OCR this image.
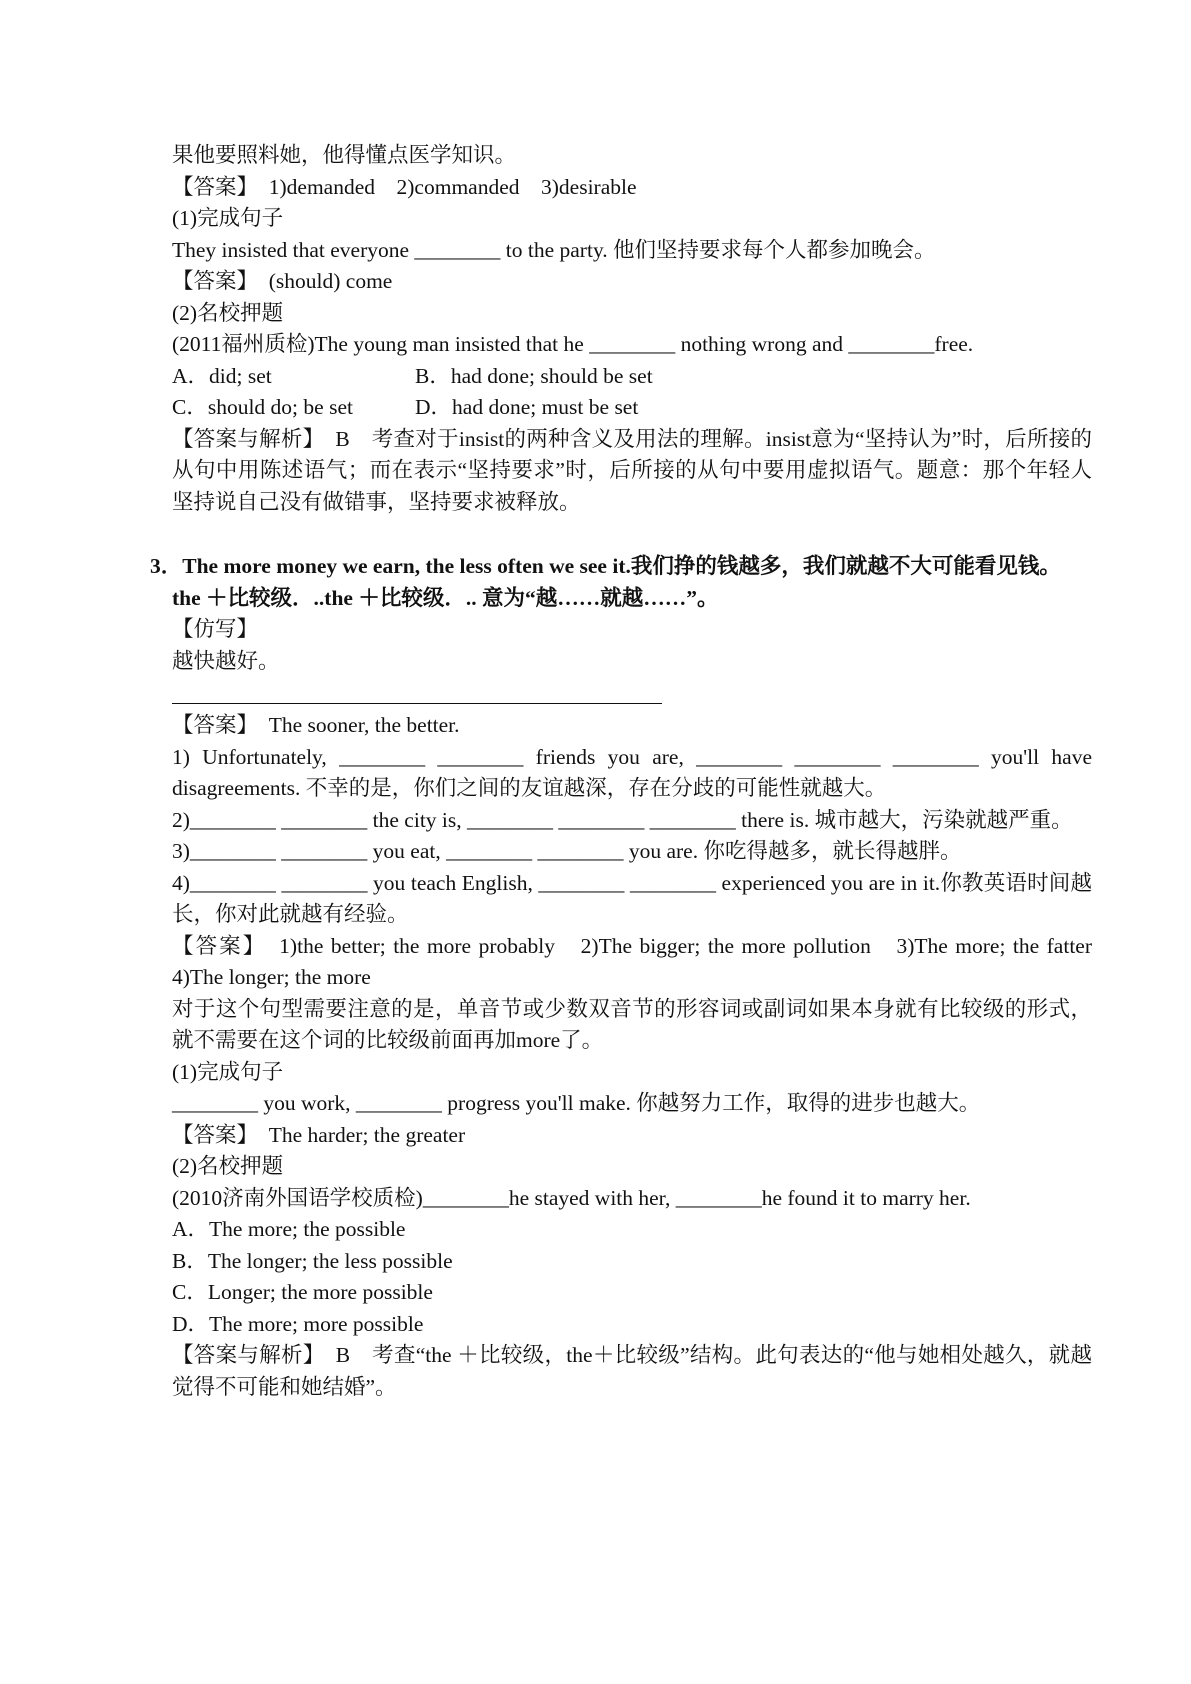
果他要照料她，他得懂点医学知识。

【答案】　1)demanded　2)commanded　3)desirable

(1)完成句子

They insisted that everyone ________ to the party. 他们坚持要求每个人都参加晚会。

【答案】　(should) come

(2)名校押题

(2011福州质检)The young man insisted that he ________ nothing wrong and ________free.

A．did; set	B．had done; should be set
C．should do; be set	D．had done; must be set

【答案与解析】　B　考查对于insist的两种含义及用法的理解。insist意为“坚持认为”时，后所接的从句中用陈述语气；而在表示“坚持要求”时，后所接的从句中要用虚拟语气。题意：那个年轻人坚持说自己没有做错事，坚持要求被释放。

3．The more money we earn, the less often we see it.我们挣的钱越多，我们就越不大可能看见钱。

the ＋比较级．..the ＋比较级．.. 意为“越……就越……”。

【仿写】

越快越好。

【答案】　The sooner, the better.

1) Unfortunately, ________ ________ friends you are, ________ ________ ________ you'll have disagreements. 不幸的是，你们之间的友谊越深，存在分歧的可能性就越大。

2)________ ________ the city is, ________ ________ ________ there is. 城市越大，污染就越严重。

3)________ ________ you eat, ________ ________ you are. 你吃得越多，就长得越胖。

4)________ ________ you teach English, ________ ________ experienced you are in it.你教英语时间越长，你对此就越有经验。

【答案】　1)the better; the more probably　2)The bigger; the more pollution　3)The more; the fatter　4)The longer; the more

对于这个句型需要注意的是，单音节或少数双音节的形容词或副词如果本身就有比较级的形式，就不需要在这个词的比较级前面再加more了。

(1)完成句子

________ you work, ________ progress you'll make. 你越努力工作，取得的进步也越大。

【答案】　The harder; the greater

(2)名校押题

(2010济南外国语学校质检)________he stayed with her, ________he found it to marry her.

A．The more; the possible

B．The longer; the less possible

C．Longer; the more possible

D．The more; more possible

【答案与解析】　B　考查“the ＋比较级，the＋比较级”结构。此句表达的“他与她相处越久，就越觉得不可能和她结婚”。
